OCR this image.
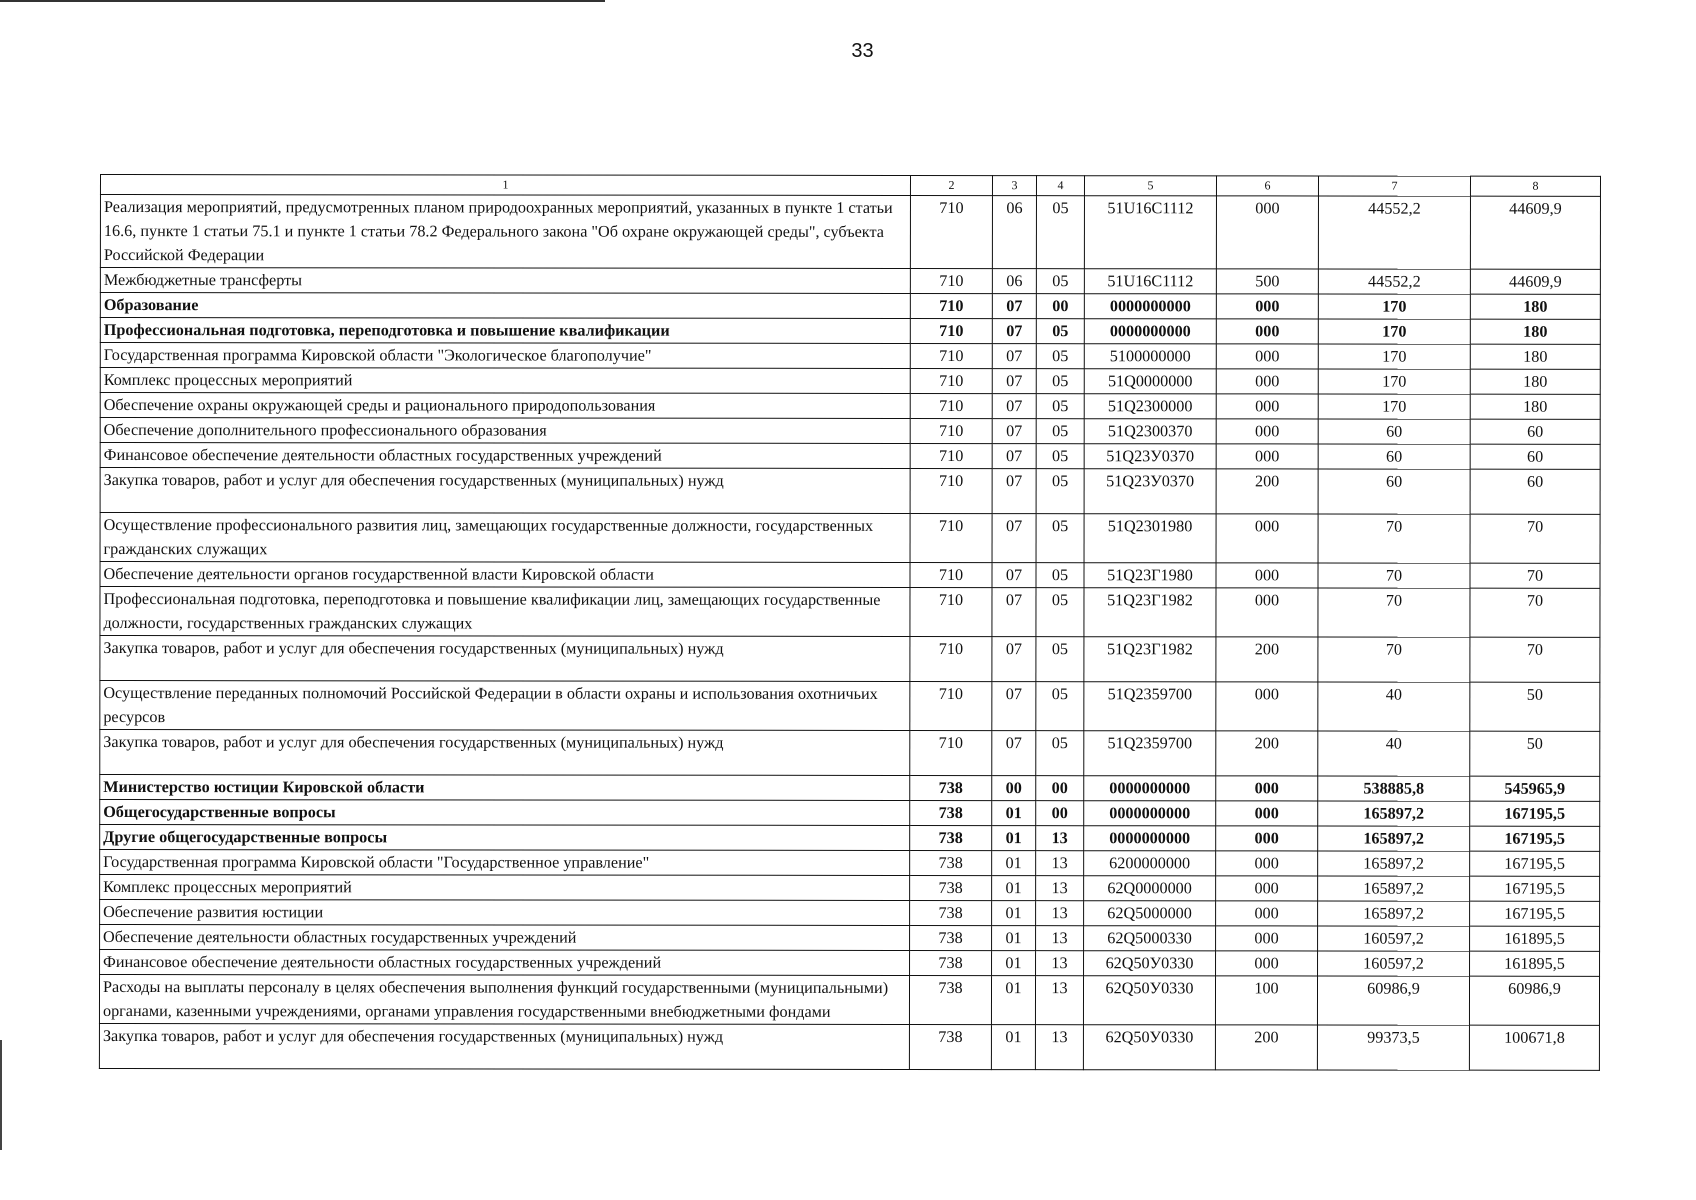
33
1	2	3	4	5	6	7	8
Реализация мероприятий, предусмотренных планом природоохранных мероприятий, указанных в пункте 1 статьи 16.6, пункте 1 статьи 75.1 и пункте 1 статьи 78.2 Федерального закона "Об охране окружающей среды", субъекта Российской Федерации	710	06	05	51U16C1112	000	44552,2	44609,9
Межбюджетные трансферты	710	06	05	51U16C1112	500	44552,2	44609,9
Образование	710	07	00	0000000000	000	170	180
Профессиональная подготовка, переподготовка и повышение квалификации	710	07	05	0000000000	000	170	180
Государственная программа Кировской области "Экологическое благополучие"	710	07	05	5100000000	000	170	180
Комплекс процессных мероприятий	710	07	05	51Q0000000	000	170	180
Обеспечение охраны окружающей среды и рационального природопользования	710	07	05	51Q2300000	000	170	180
Обеспечение дополнительного профессионального образования	710	07	05	51Q2300370	000	60	60
Финансовое обеспечение деятельности областных государственных учреждений	710	07	05	51Q23У0370	000	60	60
Закупка товаров, работ и услуг для обеспечения государственных (муниципальных) нужд	710	07	05	51Q23У0370	200	60	60
Осуществление профессионального развития лиц, замещающих государственные должности, государственных гражданских служащих	710	07	05	51Q2301980	000	70	70
Обеспечение деятельности органов государственной власти Кировской области	710	07	05	51Q23Г1980	000	70	70
Профессиональная подготовка, переподготовка и повышение квалификации лиц, замещающих государственные должности, государственных гражданских служащих	710	07	05	51Q23Г1982	000	70	70
Закупка товаров, работ и услуг для обеспечения государственных (муниципальных) нужд	710	07	05	51Q23Г1982	200	70	70
Осуществление переданных полномочий Российской Федерации в области охраны и использования охотничьих ресурсов	710	07	05	51Q2359700	000	40	50
Закупка товаров, работ и услуг для обеспечения государственных (муниципальных) нужд	710	07	05	51Q2359700	200	40	50
Министерство юстиции Кировской области	738	00	00	0000000000	000	538885,8	545965,9
Общегосударственные вопросы	738	01	00	0000000000	000	165897,2	167195,5
Другие общегосударственные вопросы	738	01	13	0000000000	000	165897,2	167195,5
Государственная программа Кировской области "Государственное управление"	738	01	13	6200000000	000	165897,2	167195,5
Комплекс процессных мероприятий	738	01	13	62Q0000000	000	165897,2	167195,5
Обеспечение развития юстиции	738	01	13	62Q5000000	000	165897,2	167195,5
Обеспечение деятельности областных государственных учреждений	738	01	13	62Q5000330	000	160597,2	161895,5
Финансовое обеспечение деятельности областных государственных учреждений	738	01	13	62Q50У0330	000	160597,2	161895,5
Расходы на выплаты персоналу в целях обеспечения выполнения функций государственными (муниципальными) органами, казенными учреждениями, органами управления государственными внебюджетными фондами	738	01	13	62Q50У0330	100	60986,9	60986,9
Закупка товаров, работ и услуг для обеспечения государственных (муниципальных) нужд	738	01	13	62Q50У0330	200	99373,5	100671,8
